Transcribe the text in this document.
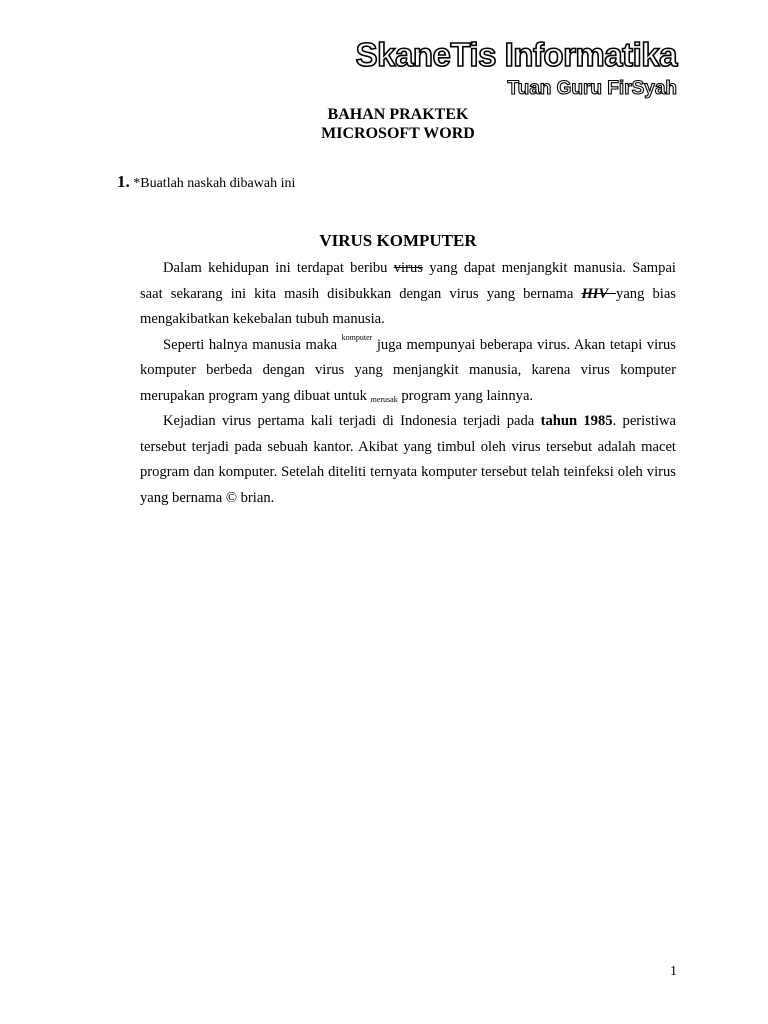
SkaneTis Informatika
Tuan Guru FirSyah
BAHAN PRAKTEK
MICROSOFT WORD
1. *Buatlah naskah dibawah ini
VIRUS KOMPUTER

Dalam kehidupan ini terdapat beribu virus yang dapat menjangkit manusia. Sampai saat sekarang ini kita masih disibukkan dengan virus yang bernama HIV yang bias mengakibatkan kekebalan tubuh manusia.

Seperti halnya manusia maka $^{komputer}$ juga mempunyai beberapa virus. Akan tetapi virus komputer berbeda dengan virus yang menjangkit manusia, karena virus komputer merupakan program yang dibuat untuk $_{merusak}$ program yang lainnya.

Kejadian virus pertama kali terjadi di Indonesia terjadi pada tahun 1985. peristiwa tersebut terjadi pada sebuah kantor. Akibat yang timbul oleh virus tersebut adalah macet program dan komputer. Setelah diteliti ternyata komputer tersebut telah teinfeksi oleh virus yang bernama © brian.

1
